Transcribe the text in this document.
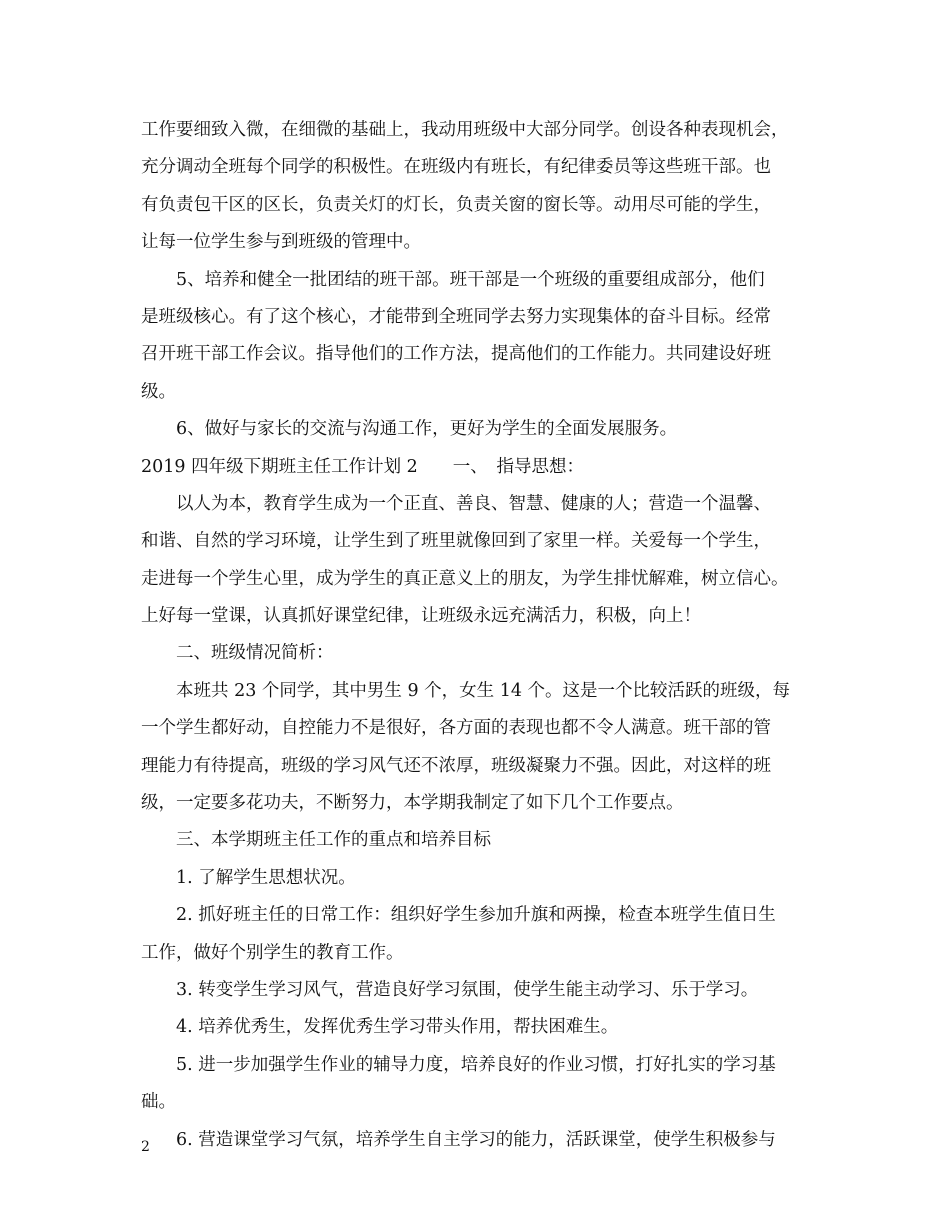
工作要细致入微，在细微的基础上，我动用班级中大部分同学。创设各种表现机会，
充分调动全班每个同学的积极性。在班级内有班长，有纪律委员等这些班干部。也
有负责包干区的区长，负责关灯的灯长，负责关窗的窗长等。动用尽可能的学生，
让每一位学生参与到班级的管理中。
5、培养和健全一批团结的班干部。班干部是一个班级的重要组成部分，他们
是班级核心。有了这个核心，才能带到全班同学去努力实现集体的奋斗目标。经常
召开班干部工作会议。指导他们的工作方法，提高他们的工作能力。共同建设好班
级。
6、做好与家长的交流与沟通工作，更好为学生的全面发展服务。
2019 四年级下期班主任工作计划 2　　一、　指导思想：
以人为本，教育学生成为一个正直、善良、智慧、健康的人；营造一个温馨、
和谐、自然的学习环境，让学生到了班里就像回到了家里一样。关爱每一个学生，
走进每一个学生心里，成为学生的真正意义上的朋友，为学生排忧解难，树立信心。
上好每一堂课，认真抓好课堂纪律，让班级永远充满活力，积极，向上！
二、班级情况简析：
本班共 23 个同学，其中男生 9 个，女生 14 个。这是一个比较活跃的班级，每
一个学生都好动，自控能力不是很好，各方面的表现也都不令人满意。班干部的管
理能力有待提高，班级的学习风气还不浓厚，班级凝聚力不强。因此，对这样的班
级，一定要多花功夫，不断努力，本学期我制定了如下几个工作要点。
三、本学期班主任工作的重点和培养目标
1. 了解学生思想状况。
2. 抓好班主任的日常工作：组织好学生参加升旗和两操，检查本班学生值日生
工作，做好个别学生的教育工作。
3. 转变学生学习风气，营造良好学习氛围，使学生能主动学习、乐于学习。
4. 培养优秀生，发挥优秀生学习带头作用，帮扶困难生。
5. 进一步加强学生作业的辅导力度，培养良好的作业习惯，打好扎实的学习基
础。
6. 营造课堂学习气氛，培养学生自主学习的能力，活跃课堂，使学生积极参与
2
